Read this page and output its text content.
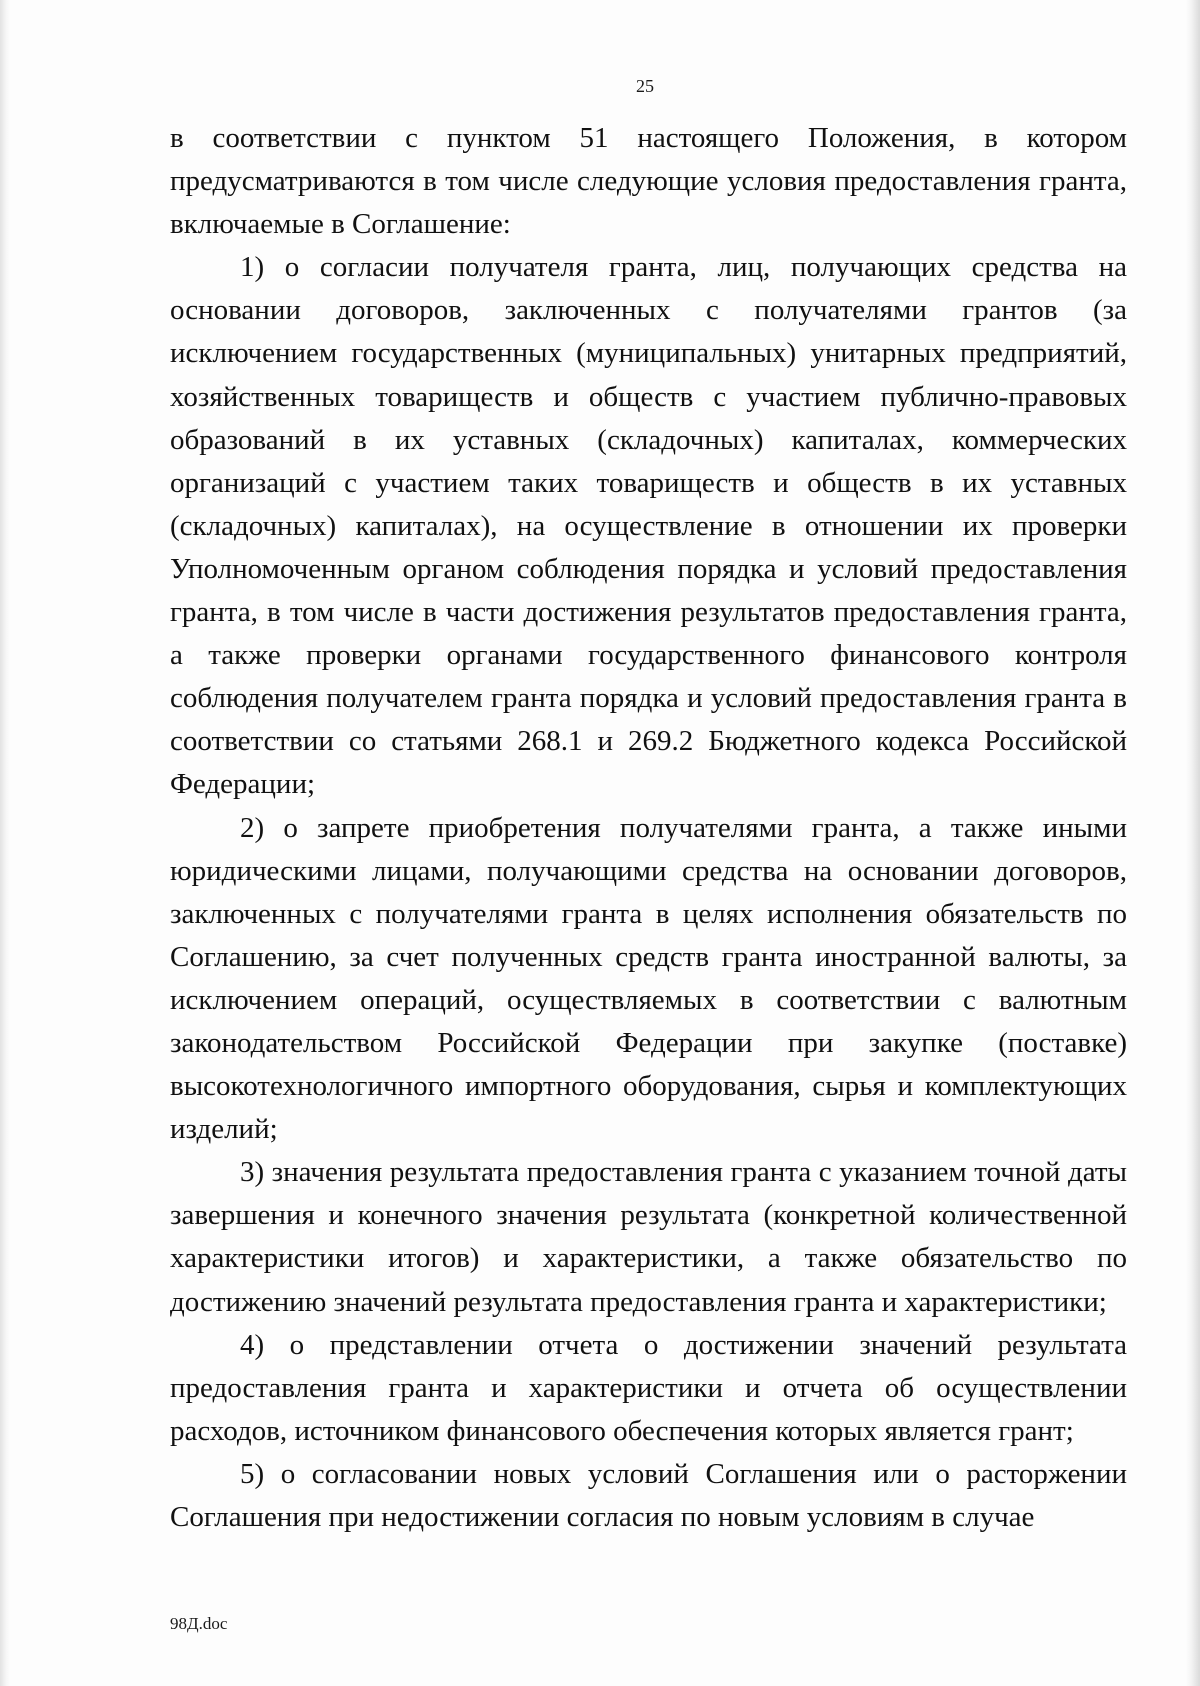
25

в соответствии с пунктом 51 настоящего Положения, в котором предусматриваются в том числе следующие условия предоставления гранта, включаемые в Соглашение:

1) о согласии получателя гранта, лиц, получающих средства на основании договоров, заключенных с получателями грантов (за исключением государственных (муниципальных) унитарных предприятий, хозяйственных товариществ и обществ с участием публично-правовых образований в их уставных (складочных) капиталах, коммерческих организаций с участием таких товариществ и обществ в их уставных (складочных) капиталах), на осуществление в отношении их проверки Уполномоченным органом соблюдения порядка и условий предоставления гранта, в том числе в части достижения результатов предоставления гранта, а также проверки органами государственного финансового контроля соблюдения получателем гранта порядка и условий предоставления гранта в соответствии со статьями 268.1 и 269.2 Бюджетного кодекса Российской Федерации;

2) о запрете приобретения получателями гранта, а также иными юридическими лицами, получающими средства на основании договоров, заключенных с получателями гранта в целях исполнения обязательств по Соглашению, за счет полученных средств гранта иностранной валюты, за исключением операций, осуществляемых в соответствии с валютным законодательством Российской Федерации при закупке (поставке) высокотехнологичного импортного оборудования, сырья и комплектующих изделий;

3) значения результата предоставления гранта с указанием точной даты завершения и конечного значения результата (конкретной количественной характеристики итогов) и характеристики, а также обязательство по достижению значений результата предоставления гранта и характеристики;

4) о представлении отчета о достижении значений результата предоставления гранта и характеристики и отчета об осуществлении расходов, источником финансового обеспечения которых является грант;

5) о согласовании новых условий Соглашения или о расторжении Соглашения при недостижении согласия по новым условиям в случае

98Д.doc
